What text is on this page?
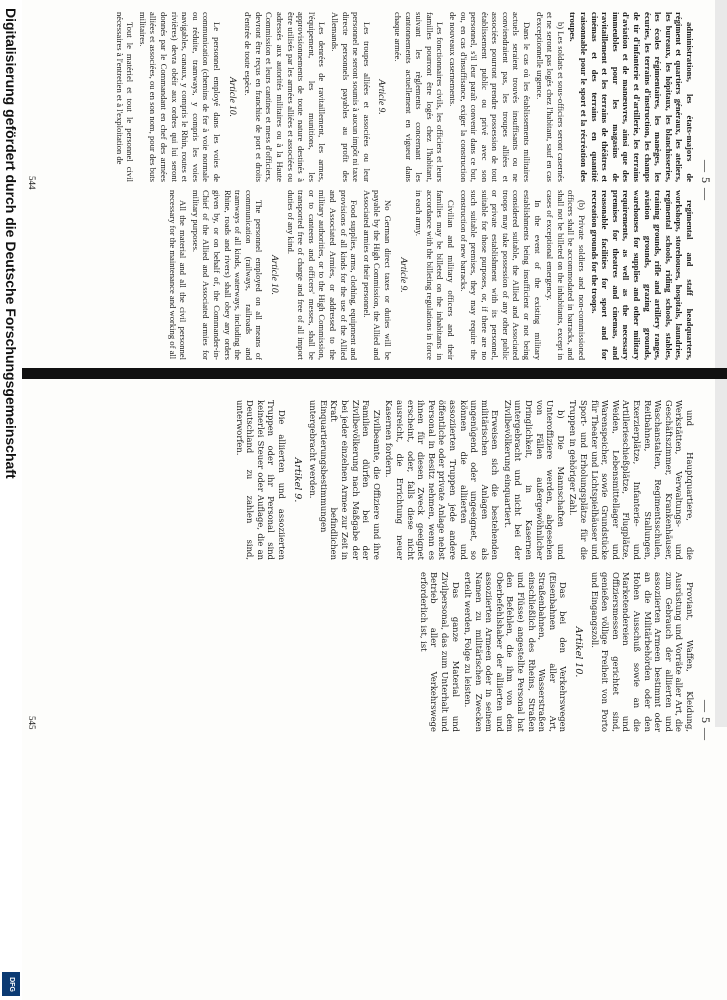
— 5 —

administrations, les états-majors de régiment et quartiers généraux, les ateliers, les bureaux, les hôpitaux, les blanchisseries, les écoles régimentaires, les manèges, les écuries, les terrains d'instruction, les champs de tir d'infanterie et d'artillerie, les terrains d'aviation et de manœuvres, ainsi que des immeubles pour les magasins de ravitaillement et les terrains de théâtres et cinémas et des terrains en quantité raisonnable pour le sport et la récréation des troupes.

b) Les soldats et sous-officiers seront casernés et ne seront pas logés chez l'habitant, sauf en cas d'exceptionnelle urgence.

Dans le cas où les établissements militaires actuels seraient trouvés insuffisants ou ne conviendraient pas, les troupes alliées et associées pourront prendre possession de tout établissement public ou privé avec son personnel, s'il leur paraît convenir dans ce but, ou, en cas d'insuffisance, exiger la construction de nouveaux casernements.

Les fonctionnaires civils, les officiers et leurs familles pourront être logés chez l'habitant, suivant les règlements concernant les cantonnements actuellement en vigueur dans chaque armée.

Article 9.

Les troupes alliées et associées ou leur personnel ne seront soumis à aucun impôt ni taxe directe personnels payables au profit des Allemands.

Les denrées de ravitaillement, les armes, l'équipement, les munitions, les approvisionnements de toute nature destinés à être utilisés par les armées alliées et associées ou adressés aux autorités militaires ou à la Haute Commission et leurs cantines et mess d'officiers, devront être reçus en franchise de port et droits d'entrée de toute espèce.

Article 10.

Le personnel employé dans les voies de communication (chemins de fer à voie normale ou réduite, tramways, y compris les voies navigables, canaux, y compris le Rhin, routes et rivières) devra obéir aux ordres qui lui seront donnés par le Commandant en chef des armées alliées et associées, ou en son nom, pour des buts militaires.

Tout le matériel et tout le personnel civil nécessaires à l'entretien et à l'exploitation de

regimental and staff headquarters, workshops, storehouses, hospitals, laundries, regimental schools, riding schools, stables, training grounds, rifle and artillery ranges, aviation grounds, grazing grounds, warehouses for supplies and other military requirements, as well as the necessary premises for theatres and cinemas, and reasonable facilities for sport and for recreation grounds for the troops.

(b) Private soldiers and non-commissioned officers shall be accommodated in barracks, and shall not be billeted on the inhabitants, except in cases of exceptional emergency.

In the event of the existing military establishments being insufficient or not being considered suitable, the Allied and Associated troops may take possession of any other public or private establishment with its personnel, suitable for those purposes, or, if there are no such suitable premises, they may require the construction of new barracks.

Civilian and military officers and their families may be billeted on the inhabitants in accordance with the billeting regulations in force in each army.

Article 9.

No German direct taxes or duties will be payable by the High Commission, the Allied and Associated armies or their personnel.

Food supplies, arms, clothing, equipment and provisions of all kinds for the use of the Allied and Associated Armies, or addressed to the military authorities, or to the High Commission, or to canteens and officers' messes, shall be transported free of charge and free of all import duties of any kind.

Article 10.

The personnel employed on all means of communication (railways, railroads and tramways of all kinds, waterways, including the Rhine, roads and rivers) shall obey any orders given by, or on behalf of, the Commander-in-Chief of the Allied and Associated armies for military purposes.

All the material and all the civil personnel necessary for the maintenance and working of all

544
— 5 —

und Hauptquartiere, die Werkstätten, Verwaltungs- und Geschäftszimmer, Krankenhäuser, Waschanstalten, Regimentsschulen, Reitbahnen, Stallungen, Exerzierplätze, Infanterie- und Artillerieschießplätze, Flugplätze, Weiden, Lebensmittellager und Warenspeicher, sowie Grundstücke für Theater und Lichtspielhäuser und Sport- und Erholungsplätze für die Truppen in gehöriger Zahl.

b) Die Mannschaften und Unteroffiziere werden, abgesehen von Fällen außergewöhnlicher Dringlichkeit, in Kasernen untergebracht und nicht bei der Zivilbevölkerung einquartiert.

Erweisen sich die bestehenden militärischen Anlagen als ungenügend oder ungeeignet, so können die alliierten und assoziierten Truppen jede andere öffentliche oder private Anlage nebst Personal in Besitz nehmen, wenn es ihnen für diesen Zweck geeignet erscheint, oder, falls diese nicht ausreicht, die Errichtung neuer Kasernen fordern.

Zivilbeamte, die Offiziere und ihre Familien dürfen bei der Zivilbevölkerung nach Maßgabe der bei jeder einzelnen Armee zur Zeit in Kraft befindlichen Einquartierungsbestimmungen untergebracht werden.

Artikel 9.

Die alliierten und assoziierten Truppen oder ihr Personal sind keinerlei Steuer oder Auflage, die an Deutschland zu zahlen sind, unterworfen.

Proviant, Waffen, Kleidung, Ausrüstung und Vorräte aller Art, die zum Gebrauch der alliierten und assoziierten Armeen bestimmt oder an die Militärbehörden oder den Hohen Ausschuß sowie an die Marketendereien und Offiziersmessen gerichtet sind, genießen völlige Freiheit von Porto und Eingangszoll.

Artikel 10.

Das bei den Verkehrswegen (Eisenbahnen aller Art, Straßenbahnen, Wasserstraßen einschließlich des Rheins, Straßen und Flüsse) angestellte Personal hat den Befehlen, die ihm von dem Oberbefehlshaber der alliierten und assoziierten Armeen oder in seinem Namen zu militärischen Zwecken erteilt werden, Folge zu leisten.

Das ganze Material und Zivilpersonal, das zum Unterhalt und Betrieb aller Verkehrswege erforderlich ist, ist

545
Digitalisierung gefördert durch die Deutsche Forschungsgemeinschaft
DFG
